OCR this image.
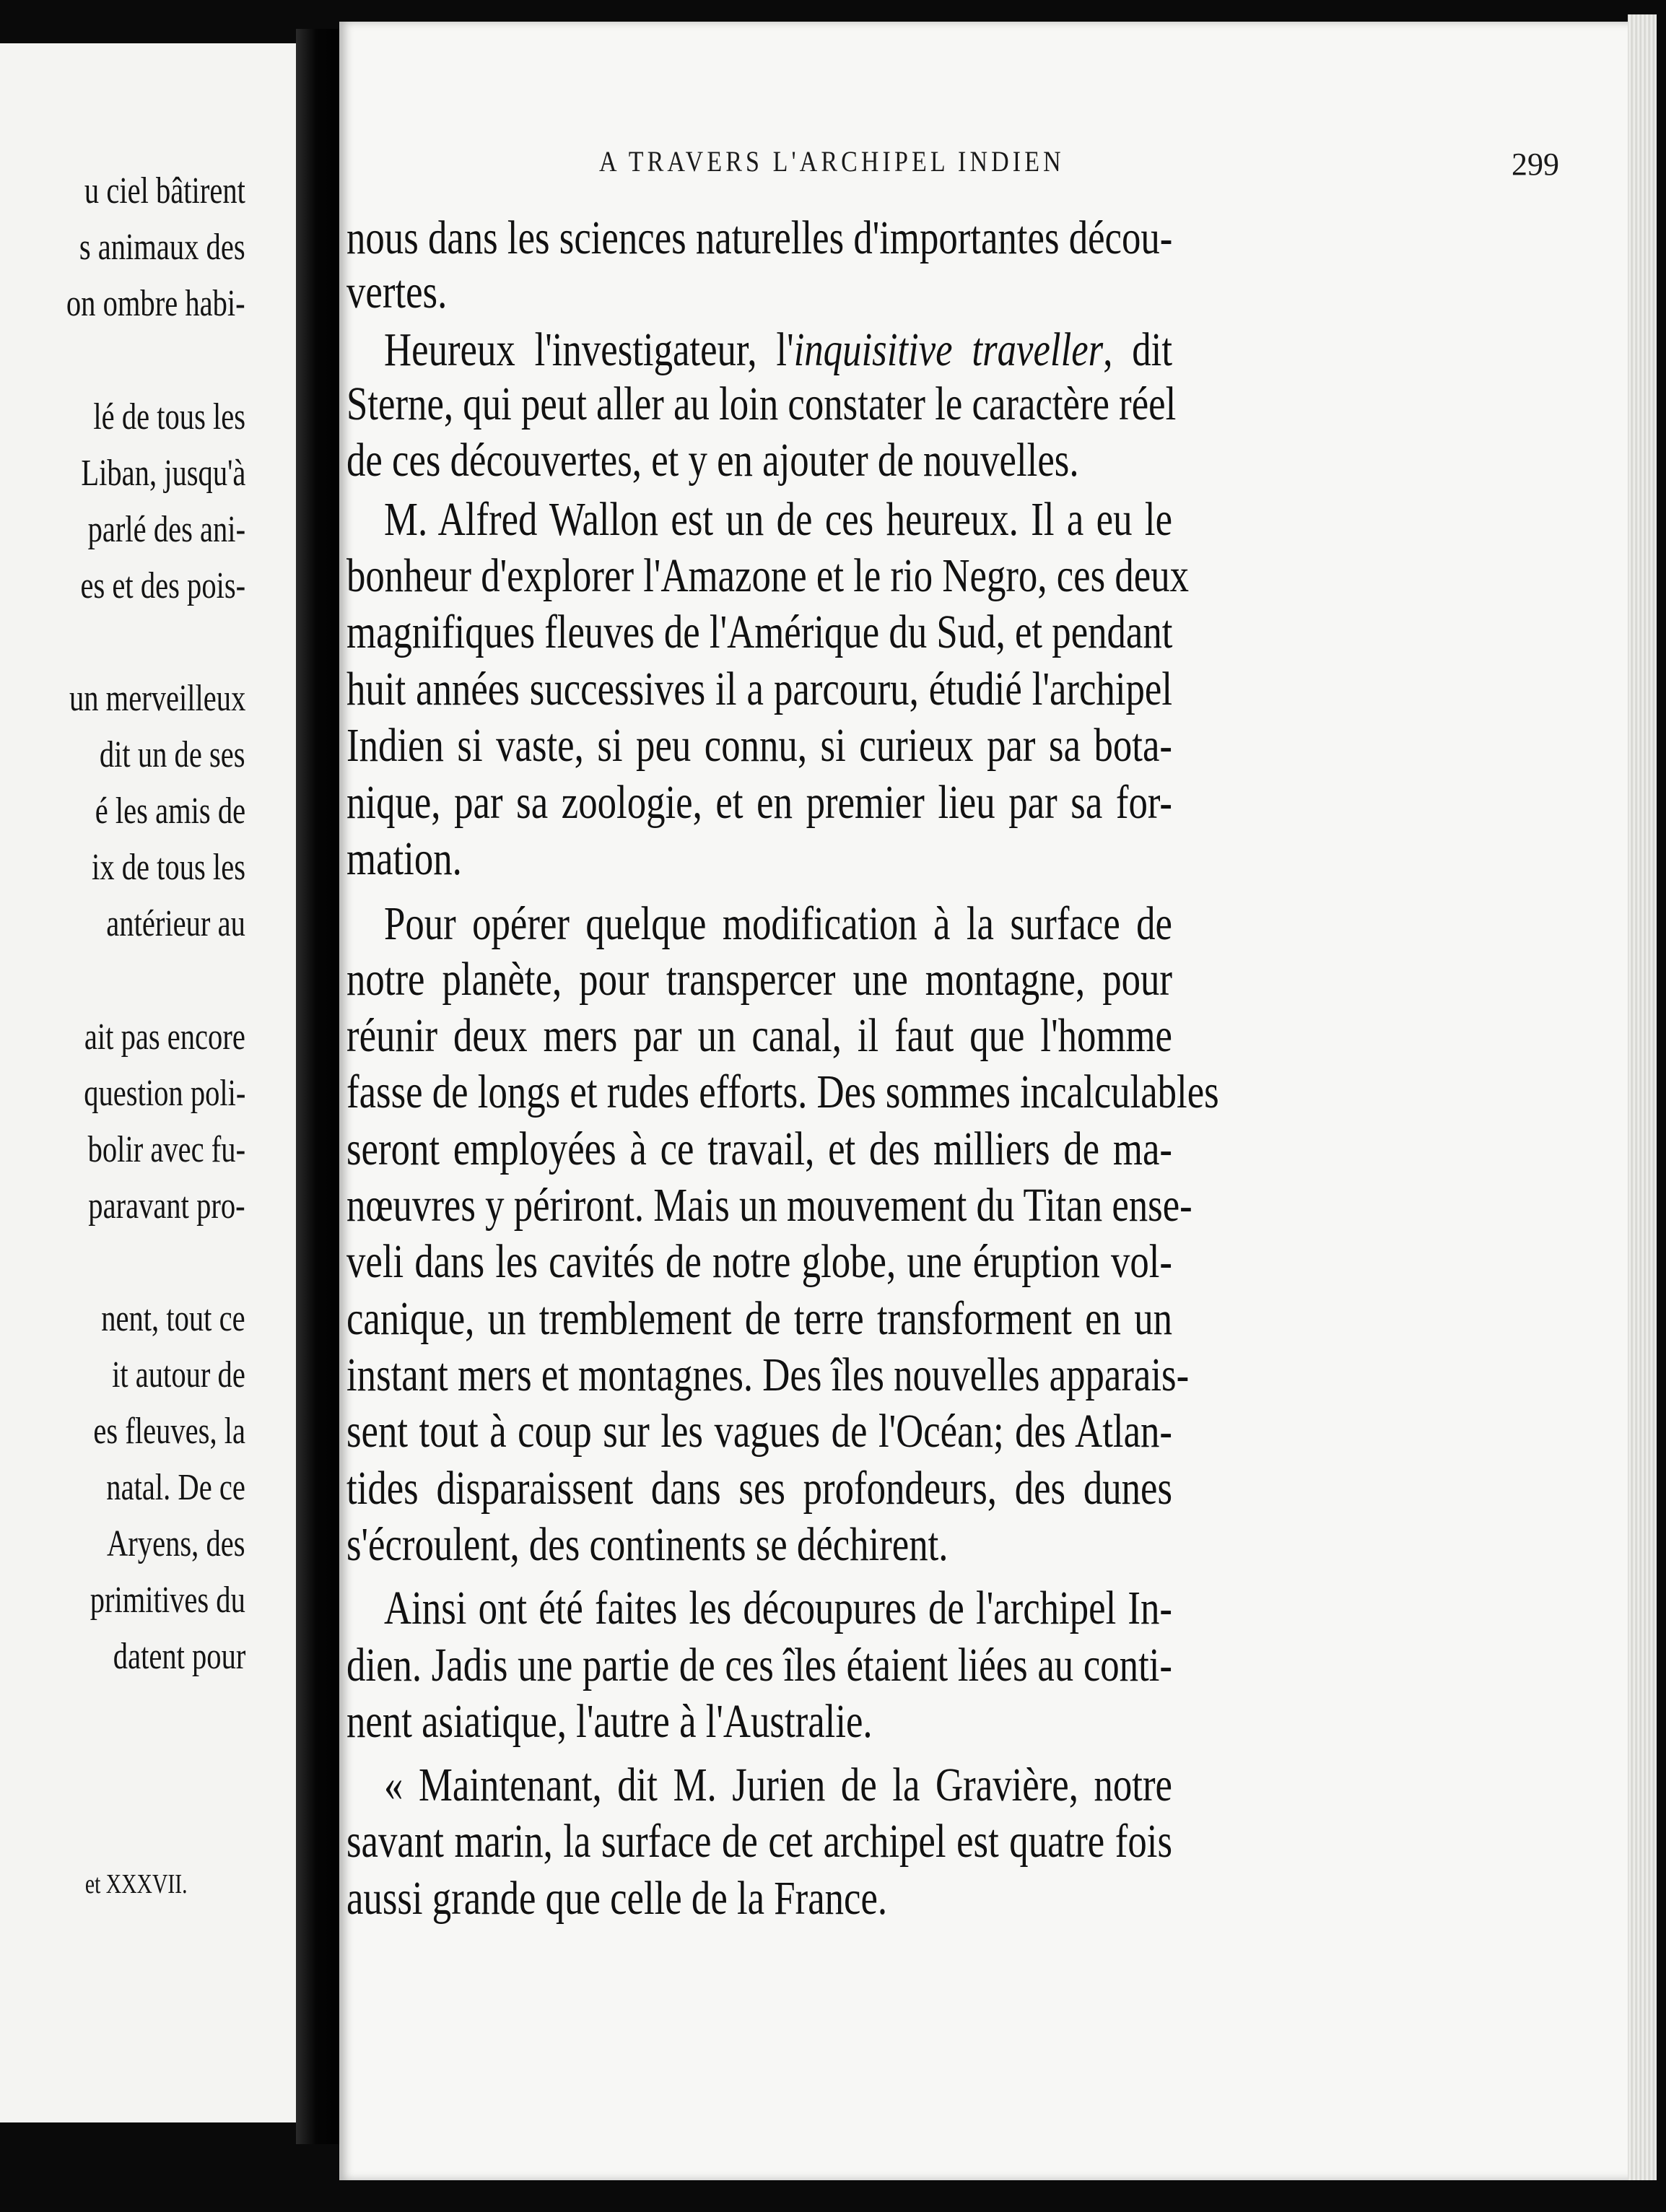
u ciel bâtirent
s animaux des
on ombre habi-
lé de tous les
Liban, jusqu'à
parlé des ani-
es et des pois-
un merveilleux
dit un de ses
é les amis de
ix de tous les
antérieur au
ait pas encore
question poli-
bolir avec fu-
paravant pro-
nent, tout ce
it autour de
es fleuves, la
natal. De ce
Aryens, des
primitives du
datent pour
et XXXVII.
A TRAVERS L'ARCHIPEL INDIEN	299
nous dans les sciences naturelles d'importantes décou-
vertes.
Heureux l'investigateur, l'inquisitive traveller, dit
Sterne, qui peut aller au loin constater le caractère réel
de ces découvertes, et y en ajouter de nouvelles.
M. Alfred Wallon est un de ces heureux. Il a eu le
bonheur d'explorer l'Amazone et le rio Negro, ces deux
magnifiques fleuves de l'Amérique du Sud, et pendant
huit années successives il a parcouru, étudié l'archipel
Indien si vaste, si peu connu, si curieux par sa bota-
nique, par sa zoologie, et en premier lieu par sa for-
mation.
Pour opérer quelque modification à la surface de
notre planète, pour transpercer une montagne, pour
réunir deux mers par un canal, il faut que l'homme
fasse de longs et rudes efforts. Des sommes incalculables
seront employées à ce travail, et des milliers de ma-
nœuvres y périront. Mais un mouvement du Titan ense-
veli dans les cavités de notre globe, une éruption vol-
canique, un tremblement de terre transforment en un
instant mers et montagnes. Des îles nouvelles apparais-
sent tout à coup sur les vagues de l'Océan; des Atlan-
tides disparaissent dans ses profondeurs, des dunes
s'écroulent, des continents se déchirent.
Ainsi ont été faites les découpures de l'archipel In-
dien. Jadis une partie de ces îles étaient liées au conti-
nent asiatique, l'autre à l'Australie.
« Maintenant, dit M. Jurien de la Gravière, notre
savant marin, la surface de cet archipel est quatre fois
aussi grande que celle de la France.
